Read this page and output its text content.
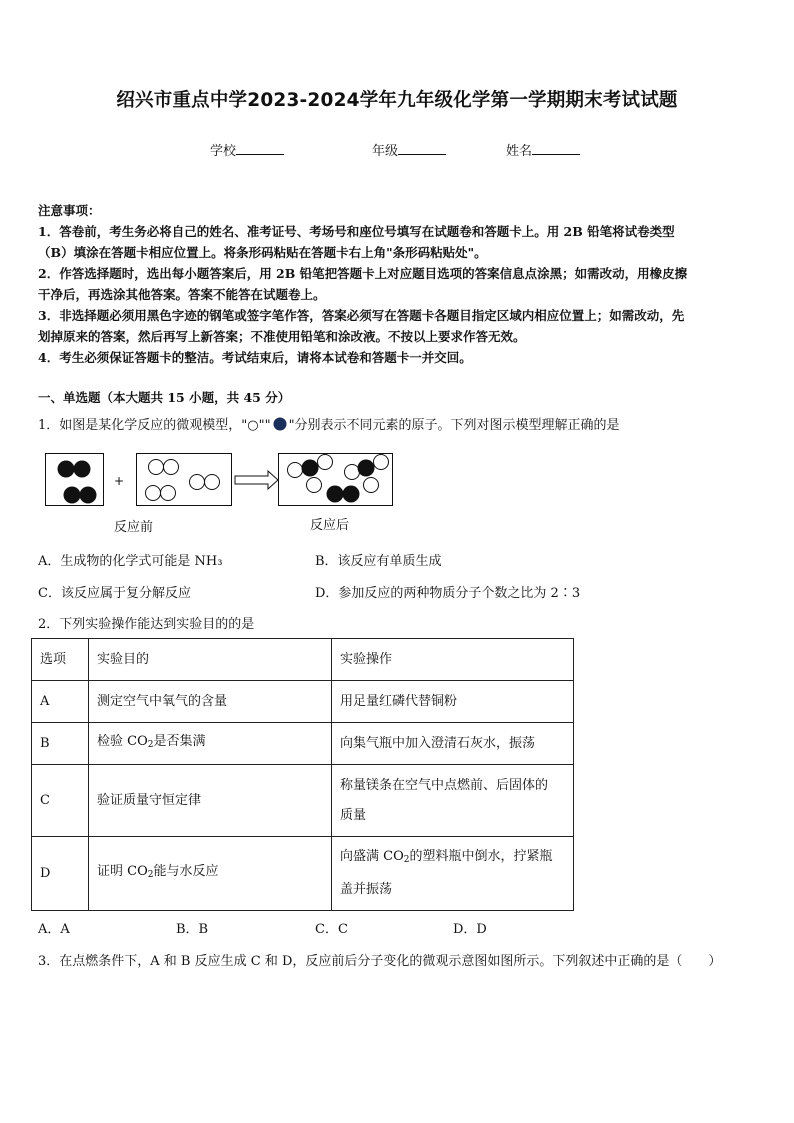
绍兴市重点中学2023-2024学年九年级化学第一学期期末考试试题
学校	年级	姓名
注意事项：
1．答卷前，考生务必将自己的姓名、准考证号、考场号和座位号填写在试题卷和答题卡上。用 2B 铅笔将试卷类型
（B）填涂在答题卡相应位置上。将条形码粘贴在答题卡右上角"条形码粘贴处"。
2．作答选择题时，选出每小题答案后，用 2B 铅笔把答题卡上对应题目选项的答案信息点涂黑；如需改动，用橡皮擦
干净后，再选涂其他答案。答案不能答在试题卷上。
3．非选择题必须用黑色字迹的钢笔或签字笔作答，答案必须写在答题卡各题目指定区域内相应位置上；如需改动，先
划掉原来的答案，然后再写上新答案；不准使用铅笔和涂改液。不按以上要求作答无效。
4．考生必须保证答题卡的整洁。考试结束后，请将本试卷和答题卡一并交回。
一、单选题（本大题共 15 小题，共 45 分）
1．如图是某化学反应的微观模型，"○"" "分别表示不同元素的原子。下列对图示模型理解正确的是
+
反应前	反应后
A．生成物的化学式可能是 NH₃	B．该反应有单质生成
C．该反应属于复分解反应	D．参加反应的两种物质分子个数之比为 2∶3
2．下列实验操作能达到实验目的的是
选项	实验目的	实验操作
A	测定空气中氧气的含量	用足量红磷代替铜粉
B	检验 $CO_2$是否集满	向集气瓶中加入澄清石灰水，振荡
C	验证质量守恒定律	称量镁条在空气中点燃前、后固体的
质量

D	证明 $CO_2$能与水反应	向盛满 $CO_2$的塑料瓶中倒水，拧紧瓶
盖并振荡
A．A	B．B	C．C	D．D
3．在点燃条件下，A 和 B 反应生成 C 和 D，反应前后分子变化的微观示意图如图所示。下列叙述中正确的是（　　）
